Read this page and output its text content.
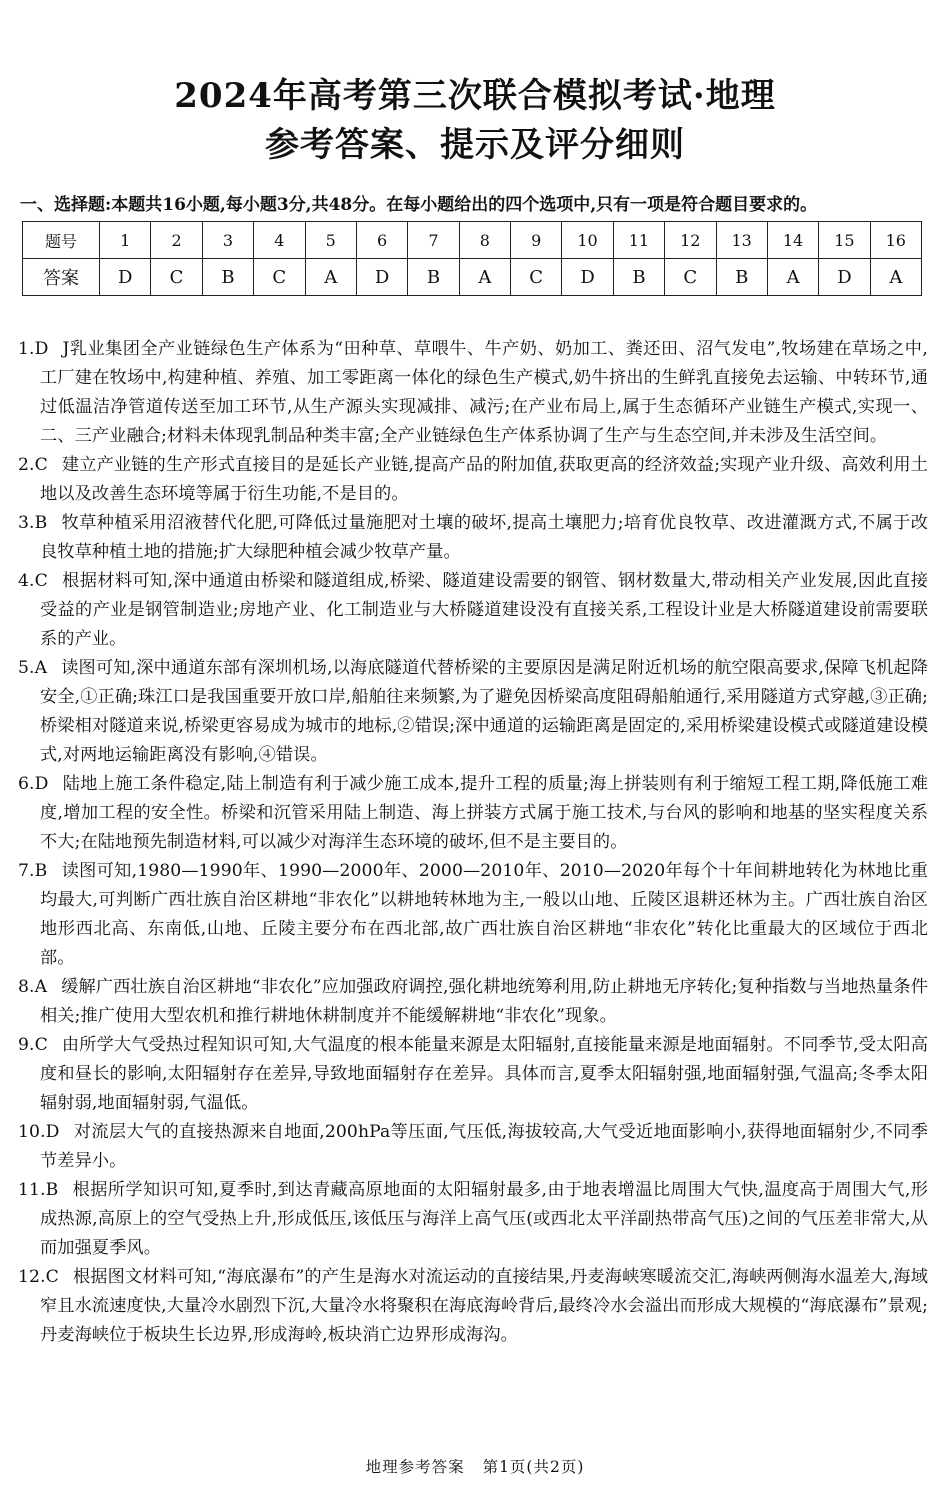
2024年高考第三次联合模拟考试·地理
参考答案、提示及评分细则
一、选择题:本题共16小题,每小题3分,共48分。在每小题给出的四个选项中,只有一项是符合题目要求的。
题号	1	2	3	4	5	6	7	8	9	10	11	12	13	14	15	16
答案	D	C	B	C	A	D	B	A	C	D	B	C	B	A	D	A

1.D J乳业集团全产业链绿色生产体系为“田种草、草喂牛、牛产奶、奶加工、粪还田、沼气发电”,牧场建在草场之中,工厂建在牧场中,构建种植、养殖、加工零距离一体化的绿色生产模式,奶牛挤出的生鲜乳直接免去运输、中转环节,通过低温洁净管道传送至加工环节,从生产源头实现减排、减污;在产业布局上,属于生态循环产业链生产模式,实现一、二、三产业融合;材料未体现乳制品种类丰富;全产业链绿色生产体系协调了生产与生态空间,并未涉及生活空间。

2.C 建立产业链的生产形式直接目的是延长产业链,提高产品的附加值,获取更高的经济效益;实现产业升级、高效利用土地以及改善生态环境等属于衍生功能,不是目的。

3.B 牧草种植采用沼液替代化肥,可降低过量施肥对土壤的破坏,提高土壤肥力;培育优良牧草、改进灌溉方式,不属于改良牧草种植土地的措施;扩大绿肥种植会减少牧草产量。

4.C 根据材料可知,深中通道由桥梁和隧道组成,桥梁、隧道建设需要的钢管、钢材数量大,带动相关产业发展,因此直接受益的产业是钢管制造业;房地产业、化工制造业与大桥隧道建设没有直接关系,工程设计业是大桥隧道建设前需要联系的产业。

5.A 读图可知,深中通道东部有深圳机场,以海底隧道代替桥梁的主要原因是满足附近机场的航空限高要求,保障飞机起降安全,①正确;珠江口是我国重要开放口岸,船舶往来频繁,为了避免因桥梁高度阻碍船舶通行,采用隧道方式穿越,③正确;桥梁相对隧道来说,桥梁更容易成为城市的地标,②错误;深中通道的运输距离是固定的,采用桥梁建设模式或隧道建设模式,对两地运输距离没有影响,④错误。

6.D 陆地上施工条件稳定,陆上制造有利于减少施工成本,提升工程的质量;海上拼装则有利于缩短工程工期,降低施工难度,增加工程的安全性。桥梁和沉管采用陆上制造、海上拼装方式属于施工技术,与台风的影响和地基的坚实程度关系不大;在陆地预先制造材料,可以减少对海洋生态环境的破坏,但不是主要目的。

7.B 读图可知,1980—1990年、1990—2000年、2000—2010年、2010—2020年每个十年间耕地转化为林地比重均最大,可判断广西壮族自治区耕地“非农化”以耕地转林地为主,一般以山地、丘陵区退耕还林为主。广西壮族自治区地形西北高、东南低,山地、丘陵主要分布在西北部,故广西壮族自治区耕地“非农化”转化比重最大的区域位于西北部。

8.A 缓解广西壮族自治区耕地“非农化”应加强政府调控,强化耕地统筹利用,防止耕地无序转化;复种指数与当地热量条件相关;推广使用大型农机和推行耕地休耕制度并不能缓解耕地“非农化”现象。

9.C 由所学大气受热过程知识可知,大气温度的根本能量来源是太阳辐射,直接能量来源是地面辐射。不同季节,受太阳高度和昼长的影响,太阳辐射存在差异,导致地面辐射存在差异。具体而言,夏季太阳辐射强,地面辐射强,气温高;冬季太阳辐射弱,地面辐射弱,气温低。

10.D 对流层大气的直接热源来自地面,200hPa等压面,气压低,海拔较高,大气受近地面影响小,获得地面辐射少,不同季节差异小。

11.B 根据所学知识可知,夏季时,到达青藏高原地面的太阳辐射最多,由于地表增温比周围大气快,温度高于周围大气,形成热源,高原上的空气受热上升,形成低压,该低压与海洋上高气压(或西北太平洋副热带高气压)之间的气压差非常大,从而加强夏季风。

12.C 根据图文材料可知,“海底瀑布”的产生是海水对流运动的直接结果,丹麦海峡寒暖流交汇,海峡两侧海水温差大,海域窄且水流速度快,大量冷水剧烈下沉,大量冷水将聚积在海底海岭背后,最终冷水会溢出而形成大规模的“海底瀑布”景观;丹麦海峡位于板块生长边界,形成海岭,板块消亡边界形成海沟。

地理参考答案 第1页(共2页)
